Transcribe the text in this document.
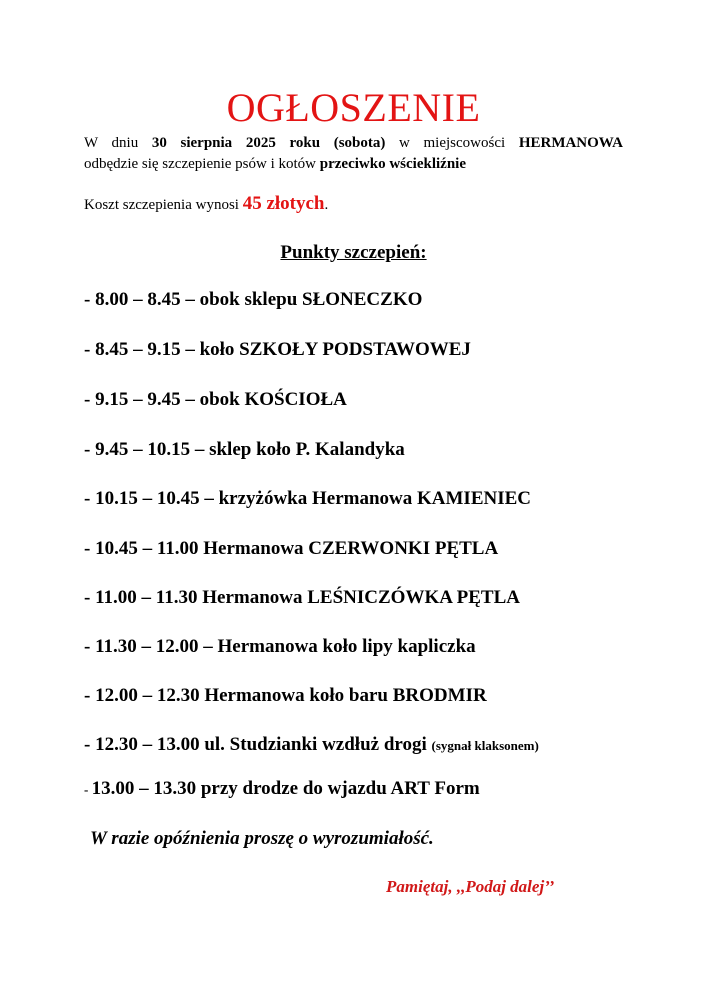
OGŁOSZENIE
W dniu 30 sierpnia 2025 roku (sobota) w miejscowości HERMANOWA
odbędzie się szczepienie psów i kotów przeciwko wściekliźnie
Koszt szczepienia wynosi 45 złotych.
Punkty szczepień:
- 8.00 – 8.45 – obok sklepu SŁONECZKO
- 8.45 – 9.15 – koło SZKOŁY PODSTAWOWEJ
- 9.15 – 9.45 – obok KOŚCIOŁA
- 9.45 – 10.15 – sklep koło P. Kalandyka
- 10.15 – 10.45 – krzyżówka Hermanowa KAMIENIEC
- 10.45 – 11.00 Hermanowa CZERWONKI PĘTLA
- 11.00 – 11.30 Hermanowa LEŚNICZÓWKA PĘTLA
- 11.30 – 12.00 – Hermanowa koło lipy kapliczka
- 12.00 – 12.30 Hermanowa koło baru BRODMIR
- 12.30 – 13.00 ul. Studzianki wzdłuż drogi (sygnał klaksonem)
- 13.00 – 13.30 przy drodze do wjazdu ART Form
W razie opóźnienia proszę o wyrozumiałość.
Pamiętaj, ,,Podaj dalej’’
